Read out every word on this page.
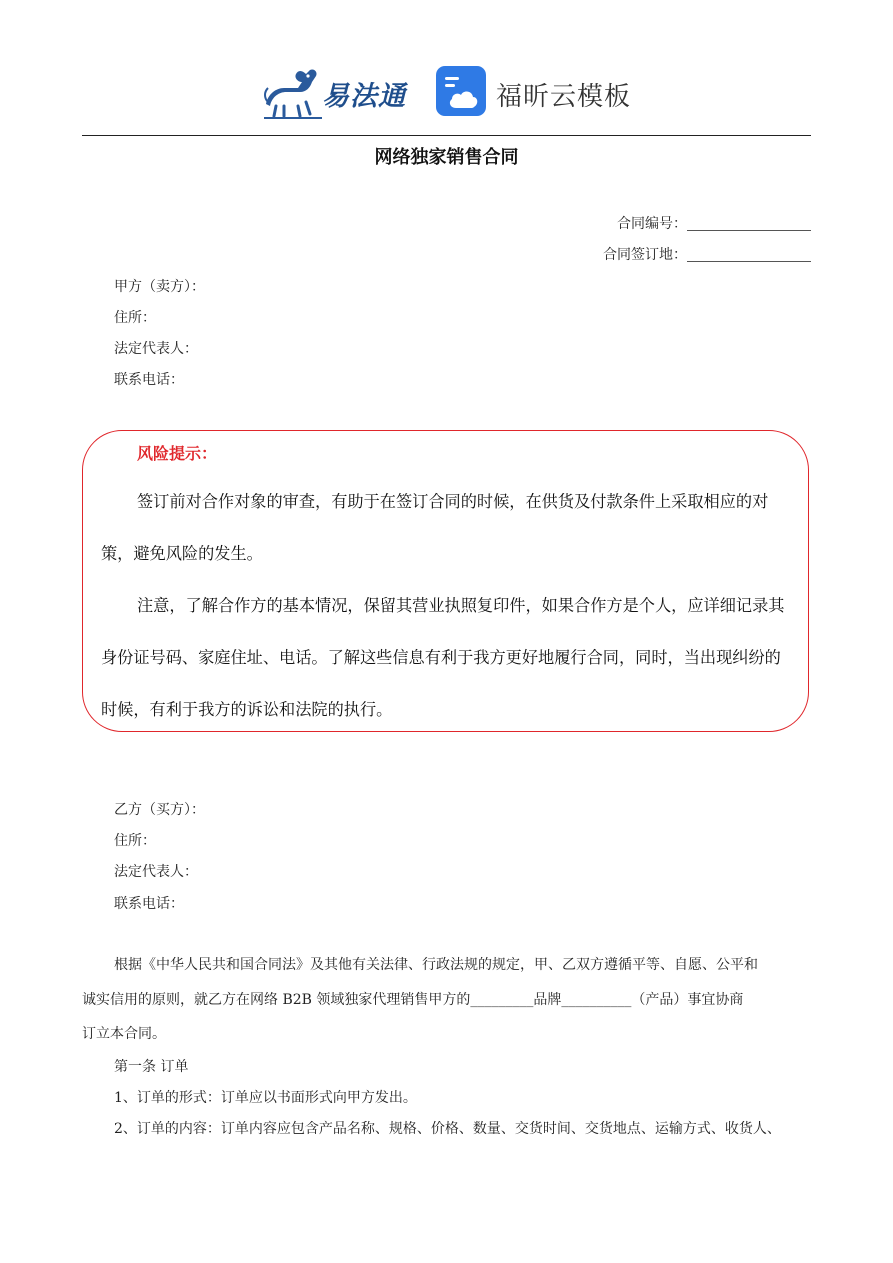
易法通	福昕云模板
网络独家销售合同
合同编号：
合同签订地：
甲方（卖方）：
住所：
法定代表人：
联系电话：
风险提示：

签订前对合作对象的审查，有助于在签订合同的时候，在供货及付款条件上采取相应的对策，避免风险的发生。

注意，了解合作方的基本情况，保留其营业执照复印件，如果合作方是个人，应详细记录其身份证号码、家庭住址、电话。了解这些信息有利于我方更好地履行合同，同时，当出现纠纷的时候，有利于我方的诉讼和法院的执行。

乙方（买方）：
住所：
法定代表人：
联系电话：
根据《中华人民共和国合同法》及其他有关法律、行政法规的规定，甲、乙双方遵循平等、自愿、公平和
诚实信用的原则，就乙方在网络 B2B 领域独家代理销售甲方的_________品牌__________（产品）事宜协商
订立本合同。
第一条 订单
1、订单的形式：订单应以书面形式向甲方发出。
2、订单的内容：订单内容应包含产品名称、规格、价格、数量、交货时间、交货地点、运输方式、收货人、
